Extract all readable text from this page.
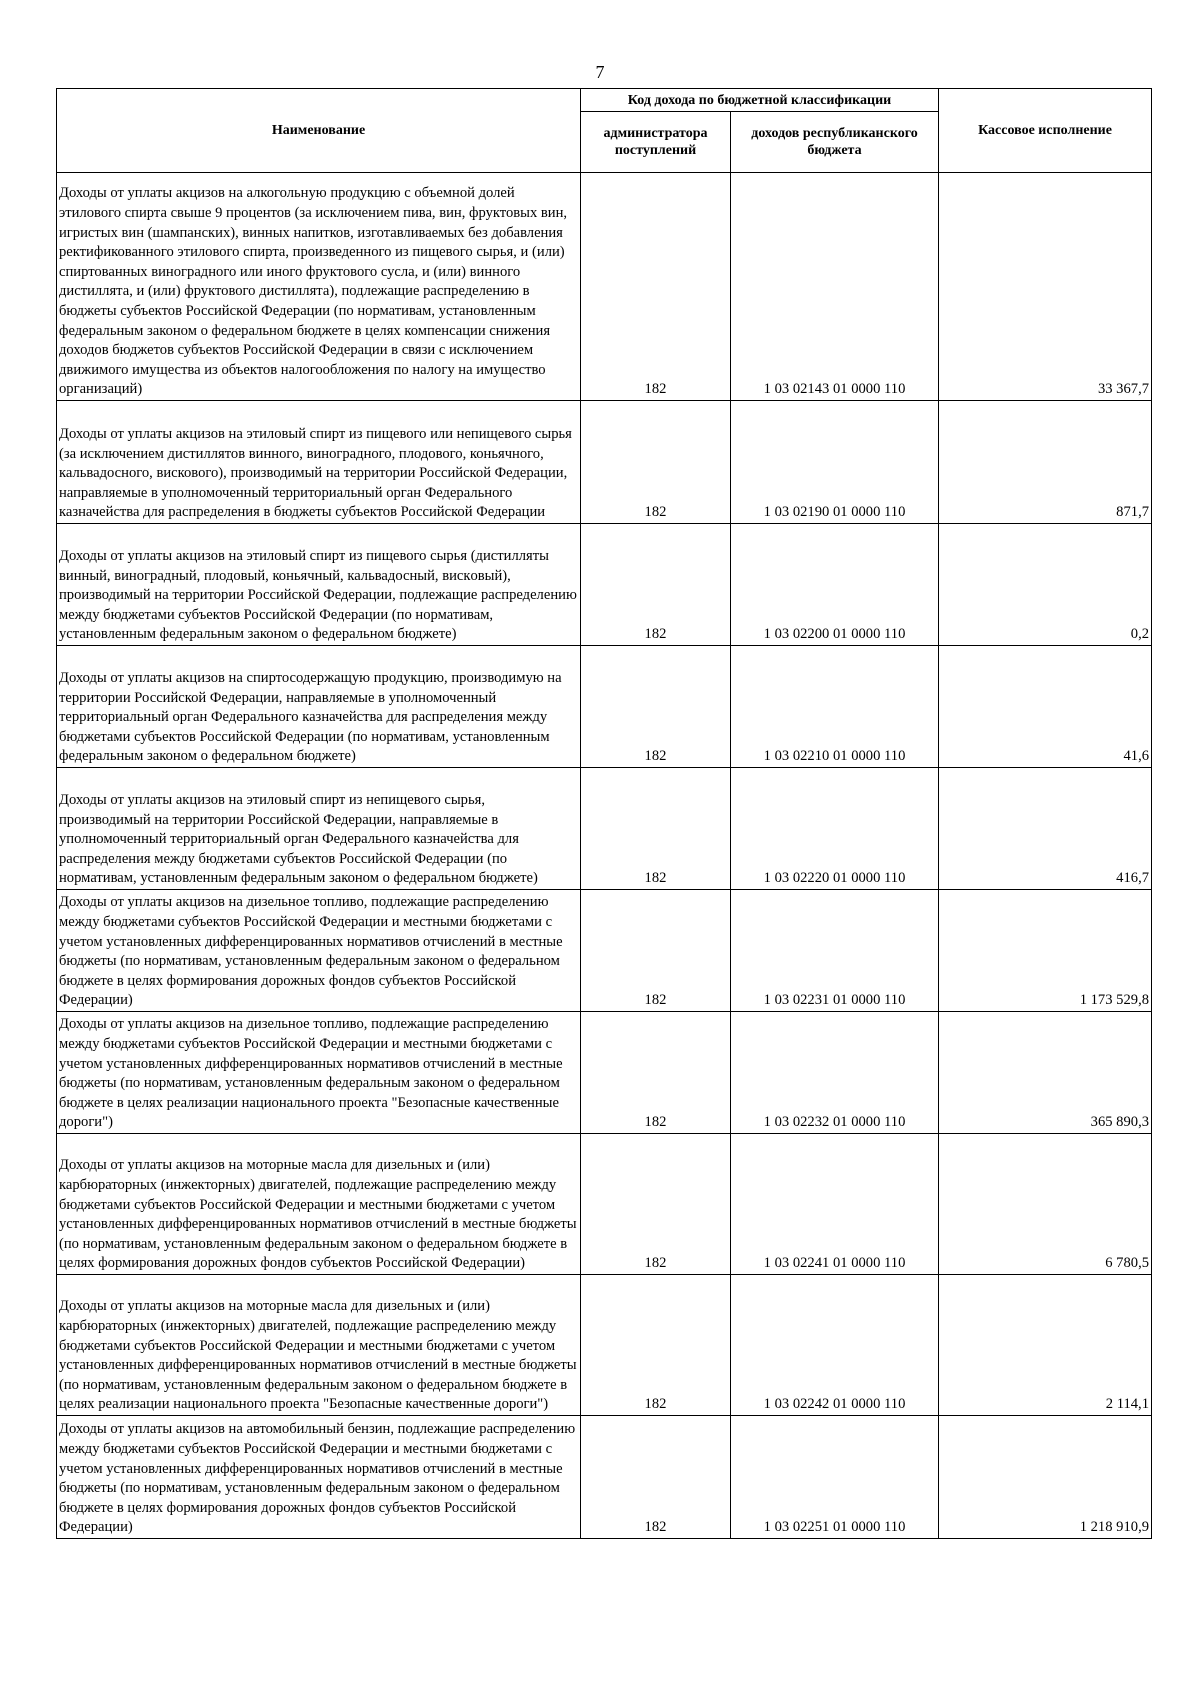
7
Наименование	Код дохода по бюджетной классификации		Кассовое исполнение
	администратора поступлений	доходов республиканского бюджета	
Доходы от уплаты акцизов на алкогольную продукцию с объемной долей этилового спирта свыше 9 процентов (за исключением пива, вин, фруктовых вин, игристых вин (шампанских), винных напитков, изготавливаемых без добавления ректификованного этилового спирта, произведенного из пищевого сырья, и (или) спиртованных виноградного или иного фруктового сусла, и (или) винного дистиллята, и (или) фруктового дистиллята), подлежащие распределению в бюджеты субъектов Российской Федерации (по нормативам, установленным федеральным законом о федеральном бюджете в целях компенсации снижения доходов бюджетов субъектов Российской Федерации в связи с исключением движимого имущества из объектов налогообложения по налогу на имущество организаций)	182	1 03 02143 01 0000 110	33 367,7
Доходы от уплаты акцизов на этиловый спирт из пищевого или непищевого сырья (за исключением дистиллятов винного, виноградного, плодового, коньячного, кальвадосного, вискового), производимый на территории Российской Федерации, направляемые в уполномоченный территориальный орган Федерального казначейства для распределения в бюджеты субъектов Российской Федерации	182	1 03 02190 01 0000 110	871,7
Доходы от уплаты акцизов на этиловый спирт из пищевого сырья (дистилляты винный, виноградный, плодовый, коньячный, кальвадосный, вискoвый), производимый на территории Российской Федерации, подлежащие распределению между бюджетами субъектов Российской Федерации (по нормативам, установленным федеральным законом о федеральном бюджете)	182	1 03 02200 01 0000 110	0,2
Доходы от уплаты акцизов на спиртосодержащую продукцию, производимую на территории Российской Федерации, направляемые в уполномоченный территориальный орган Федерального казначейства для распределения между бюджетами субъектов Российской Федерации (по нормативам, установленным федеральным законом о федеральном бюджете)	182	1 03 02210 01 0000 110	41,6
Доходы от уплаты акцизов на этиловый спирт из непищевого сырья, производимый на территории Российской Федерации, направляемые в уполномоченный территориальный орган Федерального казначейства для распределения между бюджетами субъектов Российской Федерации (по нормативам, установленным федеральным законом о федеральном бюджете)	182	1 03 02220 01 0000 110	416,7
Доходы от уплаты акцизов на дизельное топливо, подлежащие распределению между бюджетами субъектов Российской Федерации и местными бюджетами с учетом установленных дифференцированных нормативов отчислений в местные бюджеты (по нормативам, установленным федеральным законом о федеральном бюджете в целях формирования дорожных фондов субъектов Российской Федерации)	182	1 03 02231 01 0000 110	1 173 529,8
Доходы от уплаты акцизов на дизельное топливо, подлежащие распределению между бюджетами субъектов Российской Федерации и местными бюджетами с учетом установленных дифференцированных нормативов отчислений в местные бюджеты (по нормативам, установленным федеральным законом о федеральном бюджете в целях реализации национального проекта "Безопасные качественные дороги")	182	1 03 02232 01 0000 110	365 890,3
Доходы от уплаты акцизов на моторные масла для дизельных и (или) карбюраторных (инжекторных) двигателей, подлежащие распределению между бюджетами субъектов Российской Федерации и местными бюджетами с учетом установленных дифференцированных нормативов отчислений в местные бюджеты (по нормативам, установленным федеральным законом о федеральном бюджете в целях формирования дорожных фондов субъектов Российской Федерации)	182	1 03 02241 01 0000 110	6 780,5
Доходы от уплаты акцизов на моторные масла для дизельных и (или) карбюраторных (инжекторных) двигателей, подлежащие распределению между бюджетами субъектов Российской Федерации и местными бюджетами с учетом установленных дифференцированных нормативов отчислений в местные бюджеты (по нормативам, установленным федеральным законом о федеральном бюджете в целях реализации национального проекта "Безопасные качественные дороги")	182	1 03 02242 01 0000 110	2 114,1
Доходы от уплаты акцизов на автомобильный бензин, подлежащие распределению между бюджетами субъектов Российской Федерации и местными бюджетами с учетом установленных дифференцированных нормативов отчислений в местные бюджеты (по нормативам, установленным федеральным законом о федеральном бюджете в целях формирования дорожных фондов субъектов Российской Федерации)	182	1 03 02251 01 0000 110	1 218 910,9
